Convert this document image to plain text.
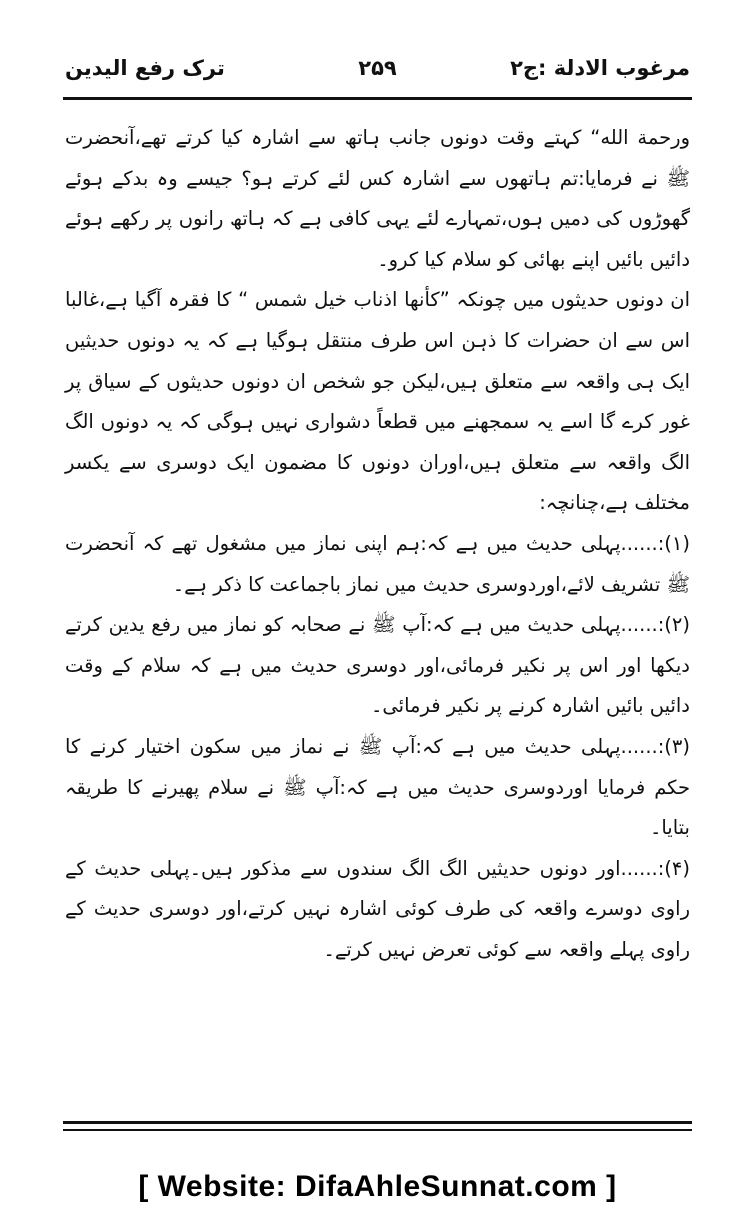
مرغوب الادلة :ج۲
۲۵۹
ترک رفع الیدین

ورحمة الله“ کہتے وقت دونوں جانب ہاتھ سے اشارہ کیا کرتے تھے،آنحضرت ﷺ نے فرمایا:تم ہاتھوں سے اشارہ کس لئے کرتے ہو؟ جیسے وہ بدکے ہوئے گھوڑوں کی دمیں ہوں،تمہارے لئے یہی کافی ہے کہ ہاتھ رانوں پر رکھے ہوئے دائیں بائیں اپنے بھائی کو سلام کیا کرو۔

ان دونوں حدیثوں میں چونکہ ”کأنها اذناب خیل شمس “ کا فقرہ آگیا ہے،غالبا اس سے ان حضرات کا ذہن اس طرف منتقل ہوگیا ہے کہ یہ دونوں حدیثیں ایک ہی واقعہ سے متعلق ہیں،لیکن جو شخص ان دونوں حدیثوں کے سیاق پر غور کرے گا اسے یہ سمجھنے میں قطعاً دشواری نہیں ہوگی کہ یہ دونوں الگ الگ واقعہ سے متعلق ہیں،اوران دونوں کا مضمون ایک دوسری سے یکسر مختلف ہے،چنانچہ:

(۱):......پہلی حدیث میں ہے کہ:ہم اپنی نماز میں مشغول تھے کہ آنحضرت ﷺ تشریف لائے،اوردوسری حدیث میں نماز باجماعت کا ذکر ہے۔

(۲):......پہلی حدیث میں ہے کہ:آپ ﷺ نے صحابہ کو نماز میں رفع یدین کرتے دیکھا اور اس پر نکیر فرمائی،اور دوسری حدیث میں ہے کہ سلام کے وقت دائیں بائیں اشارہ کرنے پر نکیر فرمائی۔

(۳):......پہلی حدیث میں ہے کہ:آپ ﷺ نے نماز میں سکون اختیار کرنے کا حکم فرمایا اوردوسری حدیث میں ہے کہ:آپ ﷺ نے سلام پھیرنے کا طریقہ بتایا۔

(۴):......اور دونوں حدیثیں الگ الگ سندوں سے مذکور ہیں۔پہلی حدیث کے راوی دوسرے واقعہ کی طرف کوئی اشارہ نہیں کرتے،اور دوسری حدیث کے راوی پہلے واقعہ سے کوئی تعرض نہیں کرتے۔

[ Website: DifaAhleSunnat.com ]
